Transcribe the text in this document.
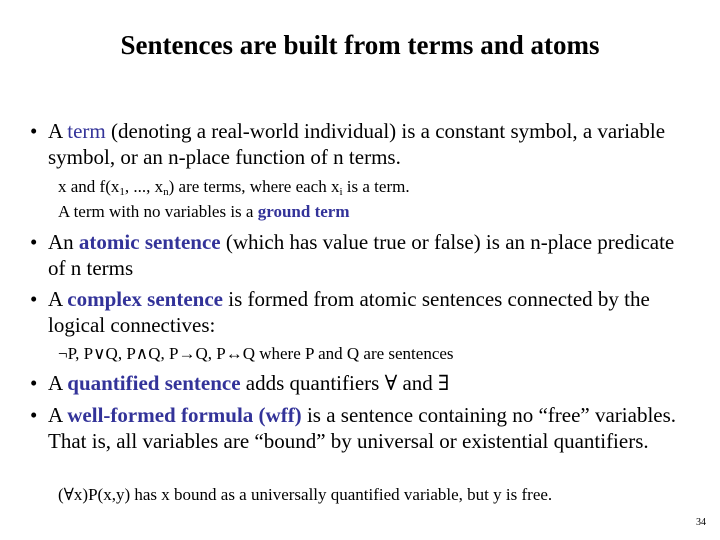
Sentences are built from terms and atoms
• A term (denoting a real-world individual) is a constant symbol, a variable symbol, or an n-place function of n terms.
x and $f(x_1$, ..., $x_n$) are terms, where each $x_i$ is a term.
A term with no variables is a ground term
• An atomic sentence (which has value true or false) is an n-place predicate of n terms
• A complex sentence is formed from atomic sentences connected by the logical connectives:
¬P, P∨Q, P∧Q, P→Q, P↔Q where P and Q are sentences
• A quantified sentence adds quantifiers ∀ and ∃
• A well-formed formula (wff) is a sentence containing no “free” variables. That is, all variables are “bound” by universal or existential quantifiers.
(∀x)P(x,y) has x bound as a universally quantified variable, but y is free.
34
